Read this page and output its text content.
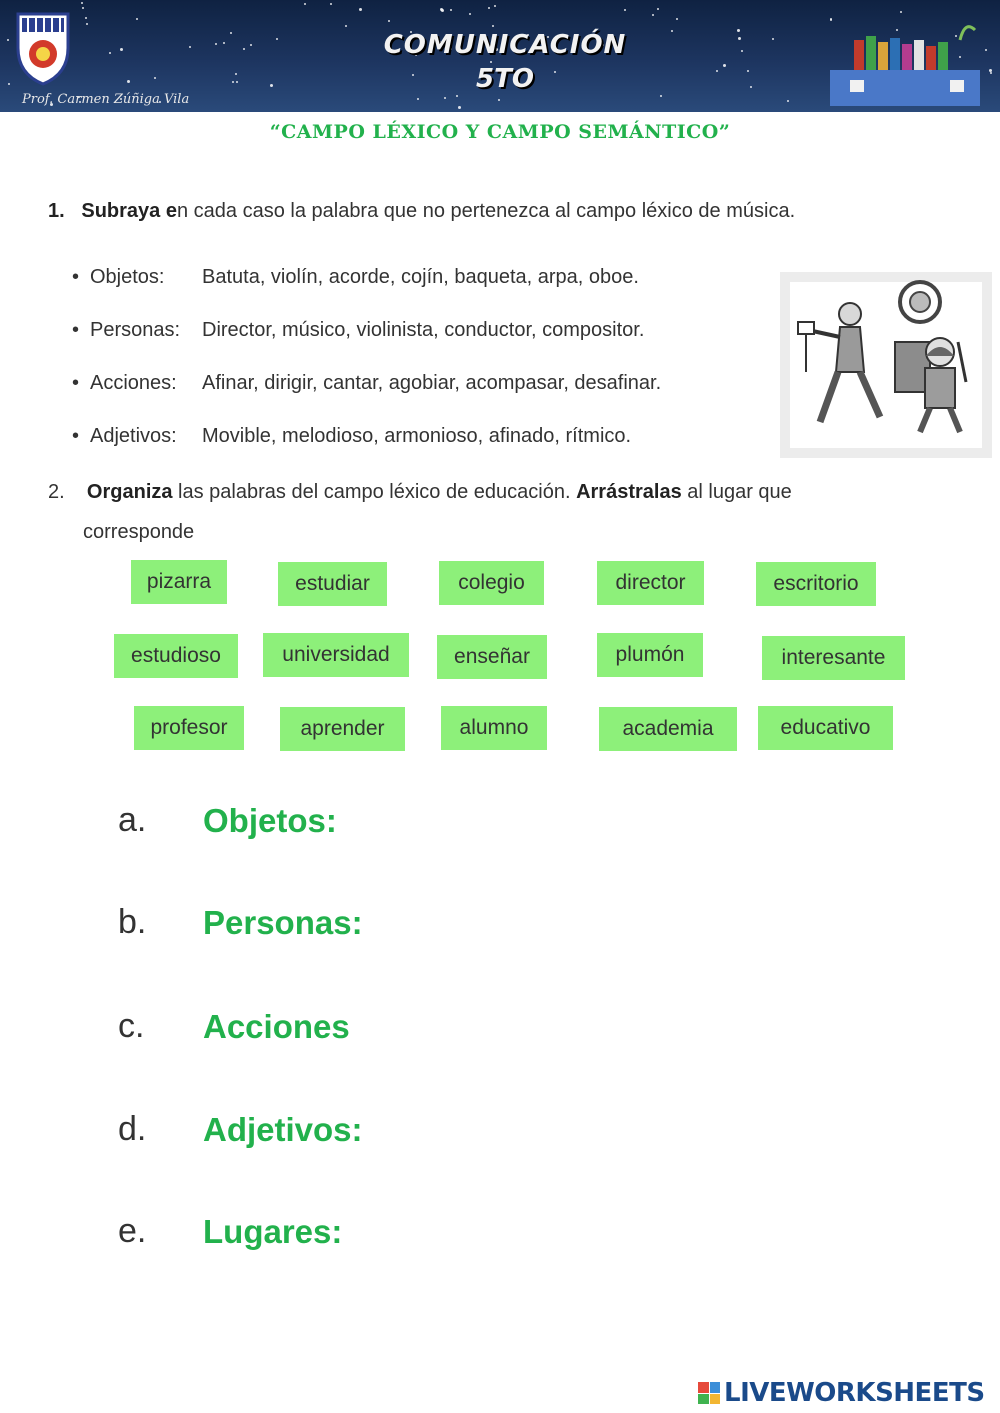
COMUNICACIÓN
5TO
Prof. Carmen Zúñiga Vila
“CAMPO LÉXICO Y CAMPO SEMÁNTICO”
1. Subraya en cada caso la palabra que no pertenezca al campo léxico de música.
• Objetos: Batuta, violín, acorde, cojín, baqueta, arpa, oboe.
• Personas: Director, músico, violinista, conductor, compositor.
• Acciones: Afinar, dirigir, cantar, agobiar, acompasar, desafinar.
• Adjetivos: Movible, melodioso, armonioso, afinado, rítmico.
2. Organiza las palabras del campo léxico de educación. Arrástralas al lugar que
corresponde
pizarra	estudiar	colegio	director	escritorio
estudioso	universidad	enseñar	plumón	interesante
profesor	aprender	alumno	academia	educativo
a. Objetos:
b. Personas:
c. Acciones
d. Adjetivos:
e. Lugares:
LIVEWORKSHEETS
